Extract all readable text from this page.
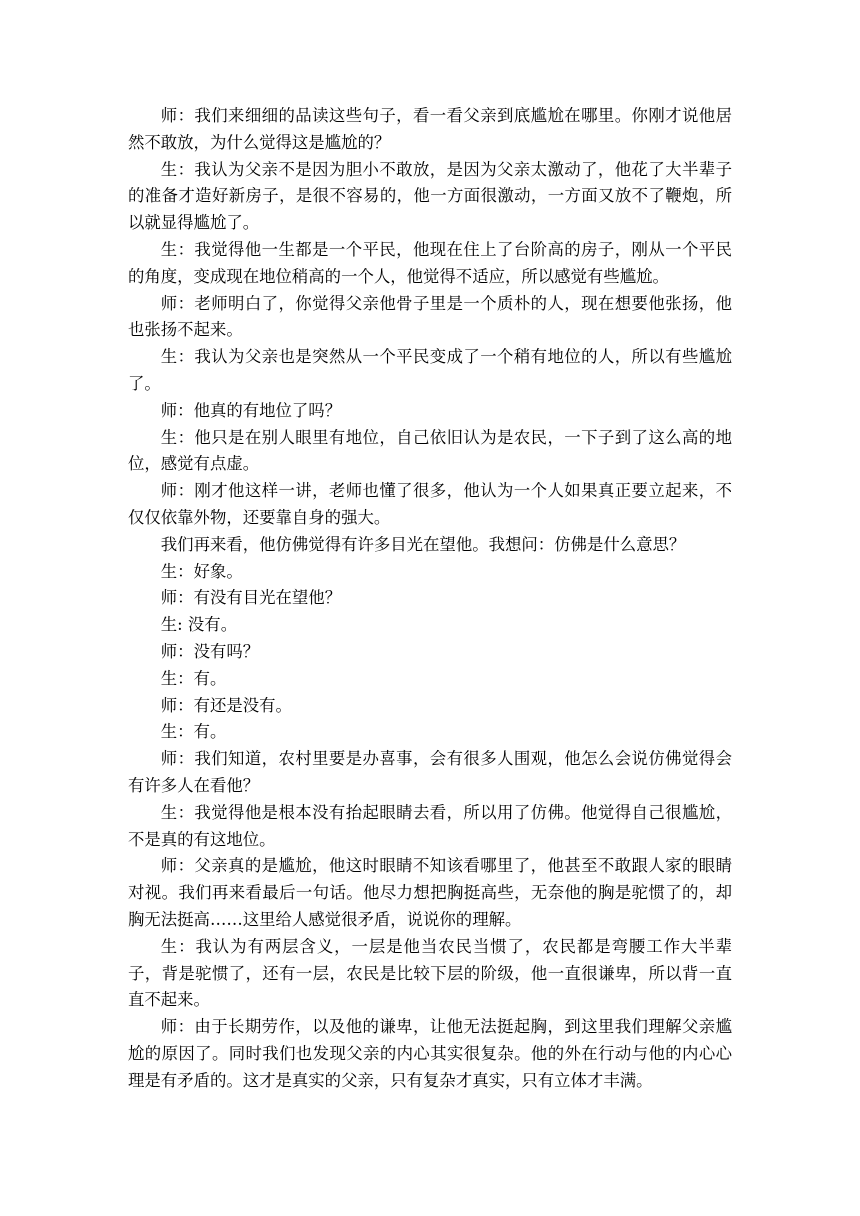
师：我们来细细的品读这些句子，看一看父亲到底尴尬在哪里。你刚才说他居然不敢放，为什么觉得这是尴尬的？

生：我认为父亲不是因为胆小不敢放，是因为父亲太激动了，他花了大半辈子的准备才造好新房子，是很不容易的，他一方面很激动，一方面又放不了鞭炮，所以就显得尴尬了。

生：我觉得他一生都是一个平民，他现在住上了台阶高的房子，刚从一个平民的角度，变成现在地位稍高的一个人，他觉得不适应，所以感觉有些尴尬。

师：老师明白了，你觉得父亲他骨子里是一个质朴的人，现在想要他张扬，他也张扬不起来。

生：我认为父亲也是突然从一个平民变成了一个稍有地位的人，所以有些尴尬了。

师：他真的有地位了吗？

生：他只是在别人眼里有地位，自己依旧认为是农民，一下子到了这么高的地位，感觉有点虚。

师：刚才他这样一讲，老师也懂了很多，他认为一个人如果真正要立起来，不仅仅依靠外物，还要靠自身的强大。

我们再来看，他仿佛觉得有许多目光在望他。我想问：仿佛是什么意思？

生：好象。

师：有没有目光在望他？

生: 没有。

师：没有吗？

生：有。

师：有还是没有。

生：有。

师：我们知道，农村里要是办喜事，会有很多人围观，他怎么会说仿佛觉得会有许多人在看他？

生：我觉得他是根本没有抬起眼睛去看，所以用了仿佛。他觉得自己很尴尬，不是真的有这地位。

师：父亲真的是尴尬，他这时眼睛不知该看哪里了，他甚至不敢跟人家的眼睛对视。我们再来看最后一句话。他尽力想把胸挺高些，无奈他的胸是驼惯了的，却胸无法挺高……这里给人感觉很矛盾，说说你的理解。

生：我认为有两层含义，一层是他当农民当惯了，农民都是弯腰工作大半辈子，背是驼惯了，还有一层，农民是比较下层的阶级，他一直很谦卑，所以背一直直不起来。

师：由于长期劳作，以及他的谦卑，让他无法挺起胸，到这里我们理解父亲尴尬的原因了。同时我们也发现父亲的内心其实很复杂。他的外在行动与他的内心心理是有矛盾的。这才是真实的父亲，只有复杂才真实，只有立体才丰满。
